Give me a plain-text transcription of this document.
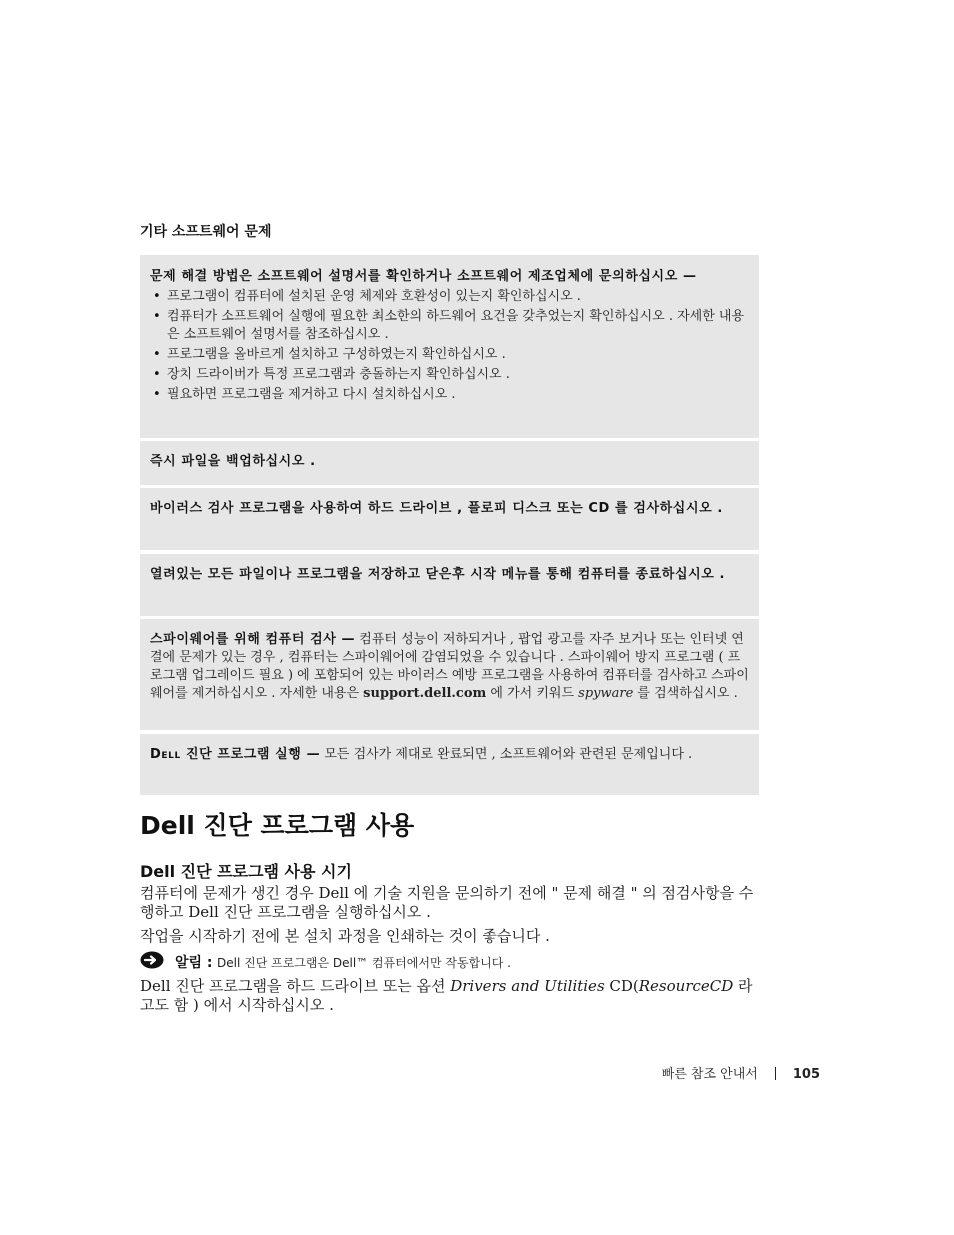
기타 소프트웨어 문제
문제 해결 방법은 소프트웨어 설명서를 확인하거나 소프트웨어 제조업체에 문의하십시오 —
• 프로그램이 컴퓨터에 설치된 운영 체제와 호환성이 있는지 확인하십시오 .
• 컴퓨터가 소프트웨어 실행에 필요한 최소한의 하드웨어 요건을 갖추었는지 확인하십시오 . 자세한 내용은 소프트웨어 설명서를 참조하십시오 .
• 프로그램을 올바르게 설치하고 구성하였는지 확인하십시오 .
• 장치 드라이버가 특정 프로그램과 충돌하는지 확인하십시오 .
• 필요하면 프로그램을 제거하고 다시 설치하십시오 .
즉시 파일을 백업하십시오 .
바이러스 검사 프로그램을 사용하여 하드 드라이브 , 플로피 디스크 또는 CD 를 검사하십시오 .
열려있는 모든 파일이나 프로그램을 저장하고 닫은후 시작 메뉴를 통해 컴퓨터를 종료하십시오 .
스파이웨어를 위해 컴퓨터 검사 — 컴퓨터 성능이 저하되거나 , 팝업 광고를 자주 보거나 또는 인터넷 연결에 문제가 있는 경우 , 컴퓨터는 스파이웨어에 감염되었을 수 있습니다 . 스파이웨어 방지 프로그램 ( 프로그램 업그레이드 필요 ) 에 포함되어 있는 바이러스 예방 프로그램을 사용하여 컴퓨터를 검사하고 스파이웨어를 제거하십시오 . 자세한 내용은 support.dell.com 에 가서 키워드 spyware 를 검색하십시오 .
Dell 진단 프로그램 실행 — 모든 검사가 제대로 완료되면 , 소프트웨어와 관련된 문제입니다 .
Dell 진단 프로그램 사용
Dell 진단 프로그램 사용 시기
컴퓨터에 문제가 생긴 경우 Dell 에 기술 지원을 문의하기 전에 " 문제 해결 " 의 점검사항을 수행하고 Dell 진단 프로그램을 실행하십시오 .
작업을 시작하기 전에 본 설치 과정을 인쇄하는 것이 좋습니다 .
알림 : Dell 진단 프로그램은 Dell™ 컴퓨터에서만 작동합니다 .
Dell 진단 프로그램을 하드 드라이브 또는 옵션 Drivers and Utilities CD(ResourceCD 라고도 함 ) 에서 시작하십시오 .
빠른 참조 안내서	105
